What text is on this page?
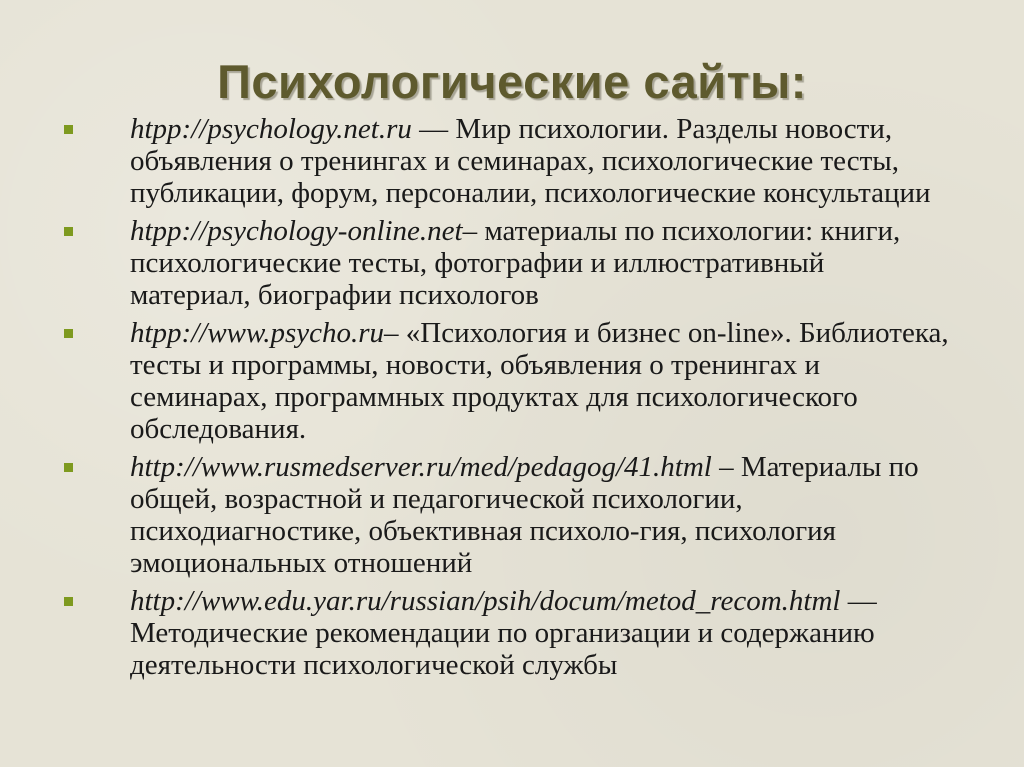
Психологические сайты:
htpp://psychology.net.ru — Мир психологии. Разделы новости, объявления о тренингах и семинарах, психологические тесты, публикации, форум, персоналии, психологические консультации
htpp://psychology-online.net– материалы по психологии: книги, психологические тесты, фотографии и иллюстративный материал, биографии психологов
htpp://www.psycho.ru– «Психология и бизнес on-line». Библиотека, тесты и программы, новости, объявления о тренингах и семинарах, программных продуктах для психологического обследования.
http://www.rusmedserver.ru/med/pedagog/41.html – Материалы по общей, возрастной и педагогической психологии, психодиагностике, объективная психоло-гия, психология эмоциональных отношений
http://www.edu.yar.ru/russian/psih/docum/metod_recom.html — Методические рекомендации по организации и содержанию деятельности психологической службы
